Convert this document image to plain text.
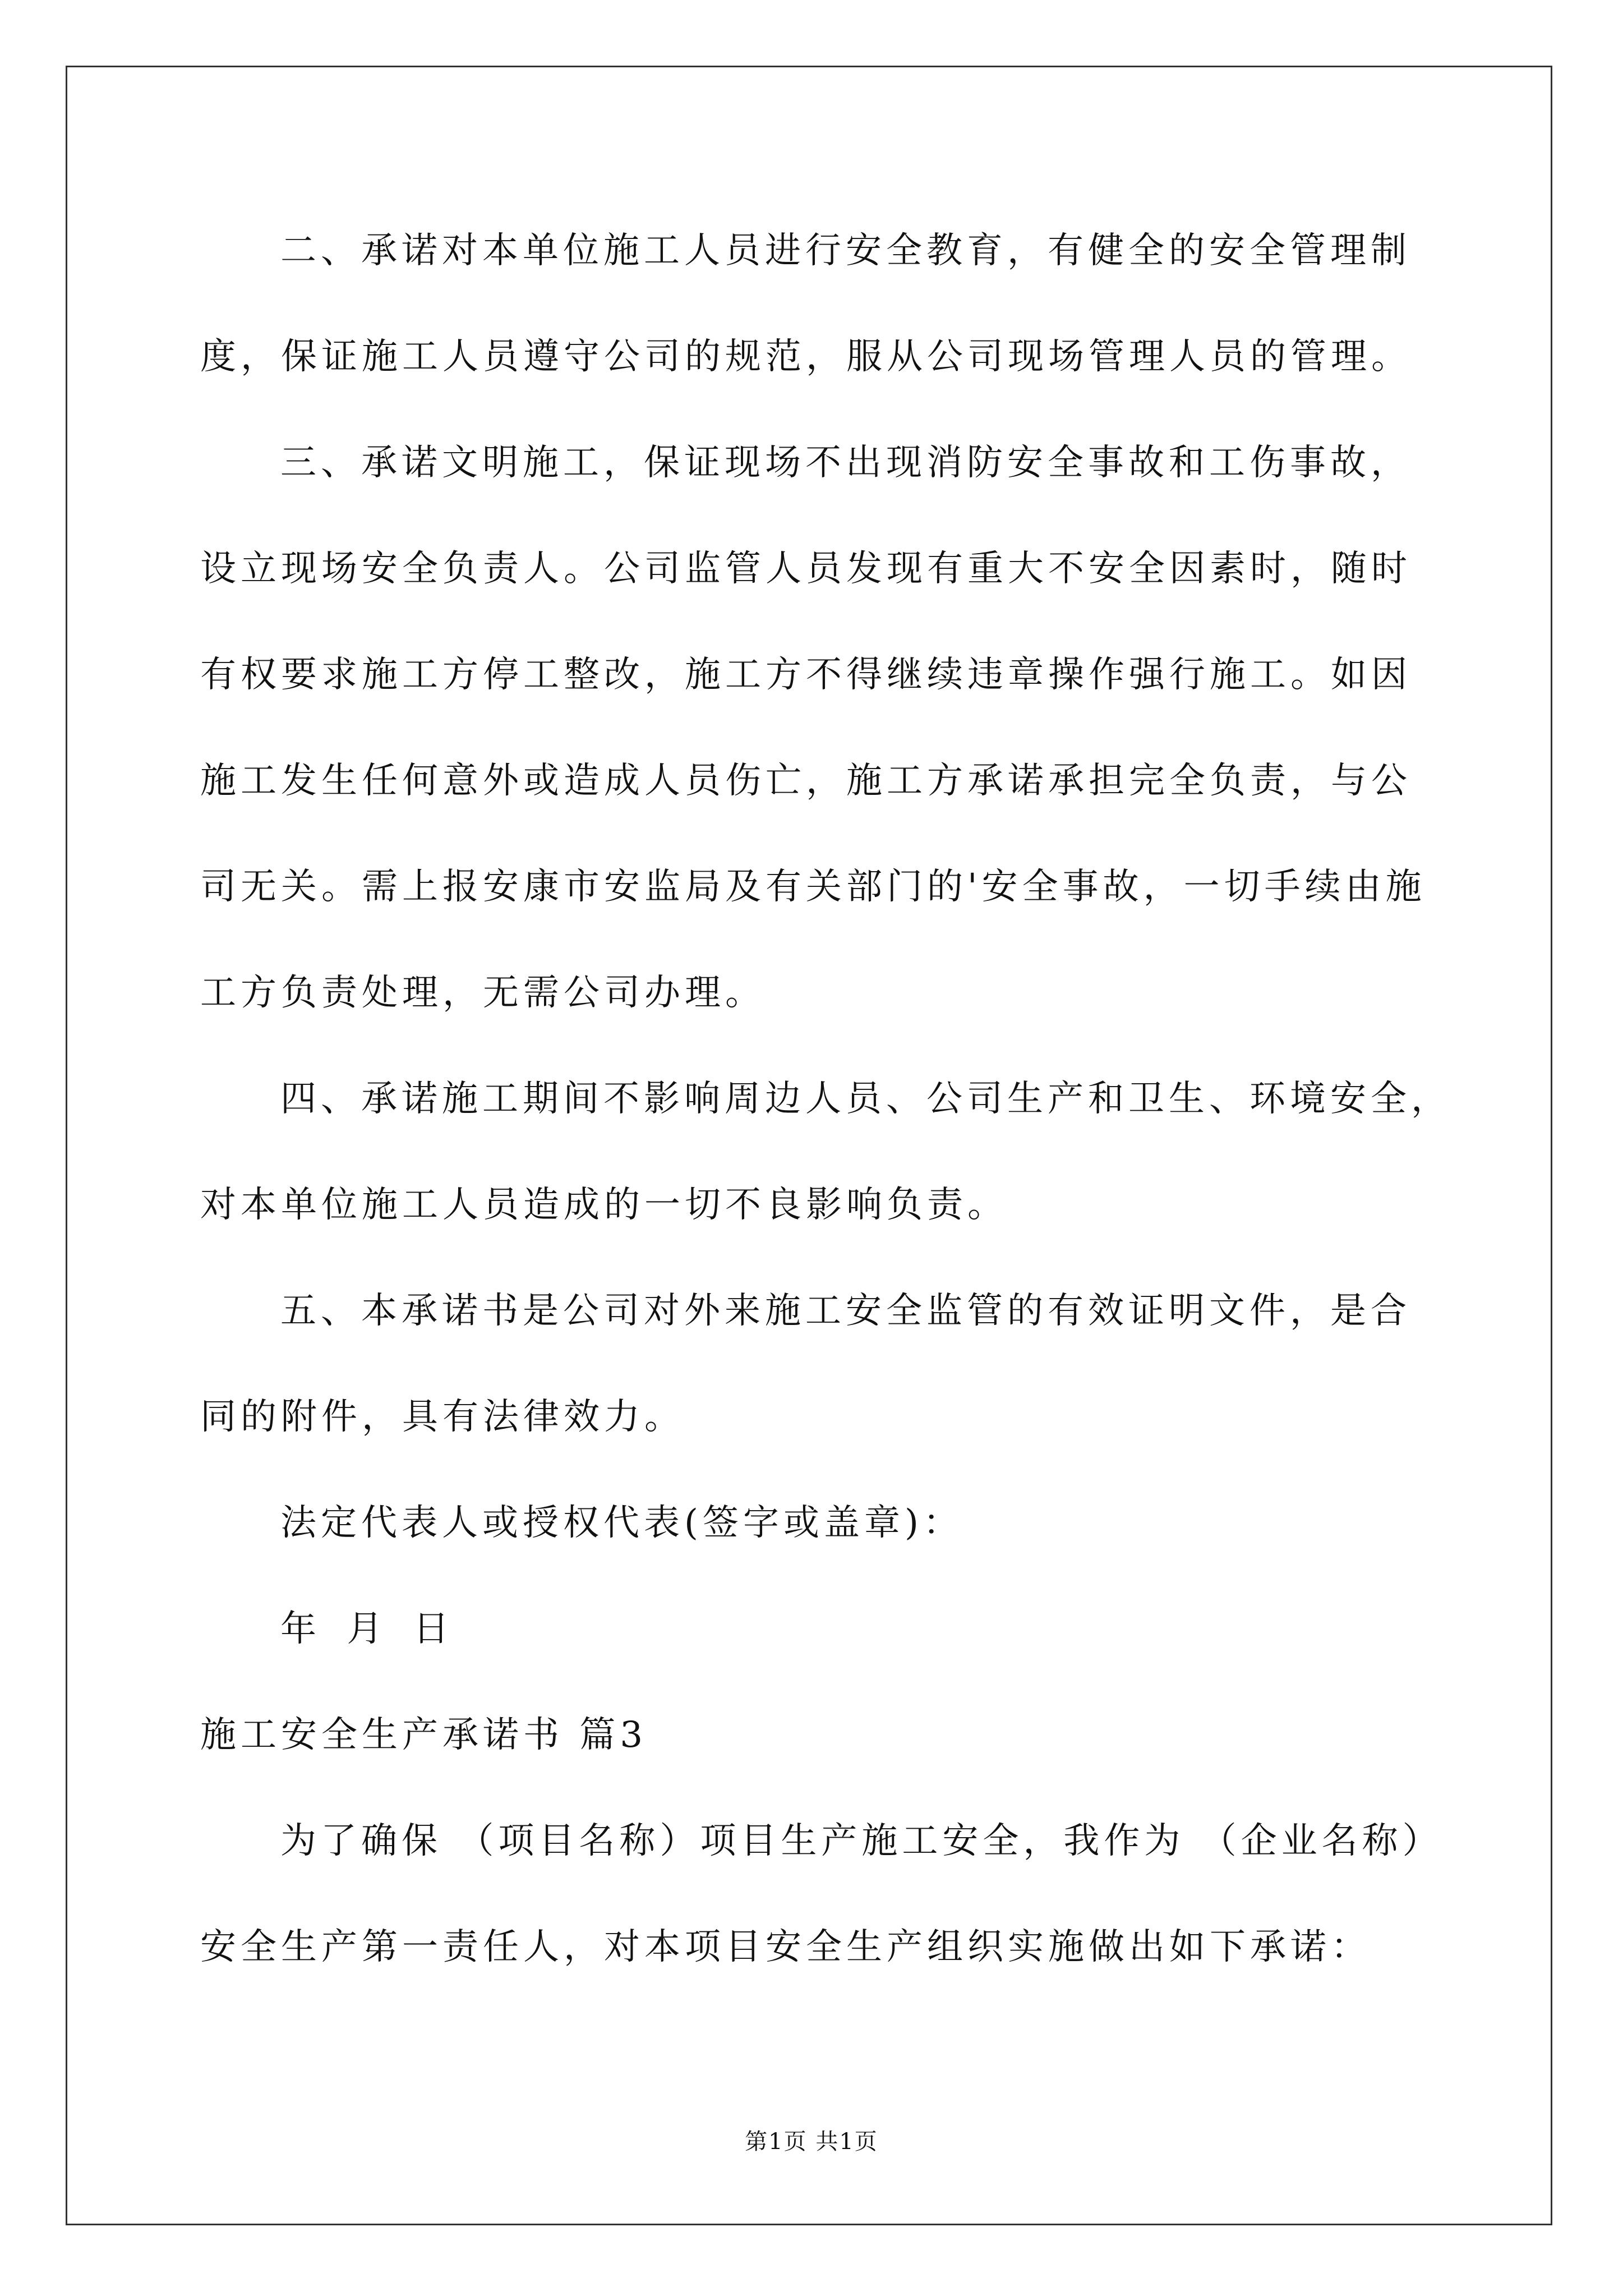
二、承诺对本单位施工人员进行安全教育，有健全的安全管理制
度，保证施工人员遵守公司的规范，服从公司现场管理人员的管理。
三、承诺文明施工，保证现场不出现消防安全事故和工伤事故，
设立现场安全负责人。公司监管人员发现有重大不安全因素时，随时
有权要求施工方停工整改，施工方不得继续违章操作强行施工。如因
施工发生任何意外或造成人员伤亡，施工方承诺承担完全负责，与公
司无关。需上报安康市安监局及有关部门的'安全事故，一切手续由施
工方负责处理，无需公司办理。
四、承诺施工期间不影响周边人员、公司生产和卫生、环境安全，
对本单位施工人员造成的一切不良影响负责。
五、本承诺书是公司对外来施工安全监管的有效证明文件，是合
同的附件，具有法律效力。
法定代表人或授权代表(签字或盖章)：
年 月 日
施工安全生产承诺书 篇3
为了确保 （项目名称）项目生产施工安全，我作为 （企业名称）
安全生产第一责任人，对本项目安全生产组织实施做出如下承诺：
第1页 共1页
